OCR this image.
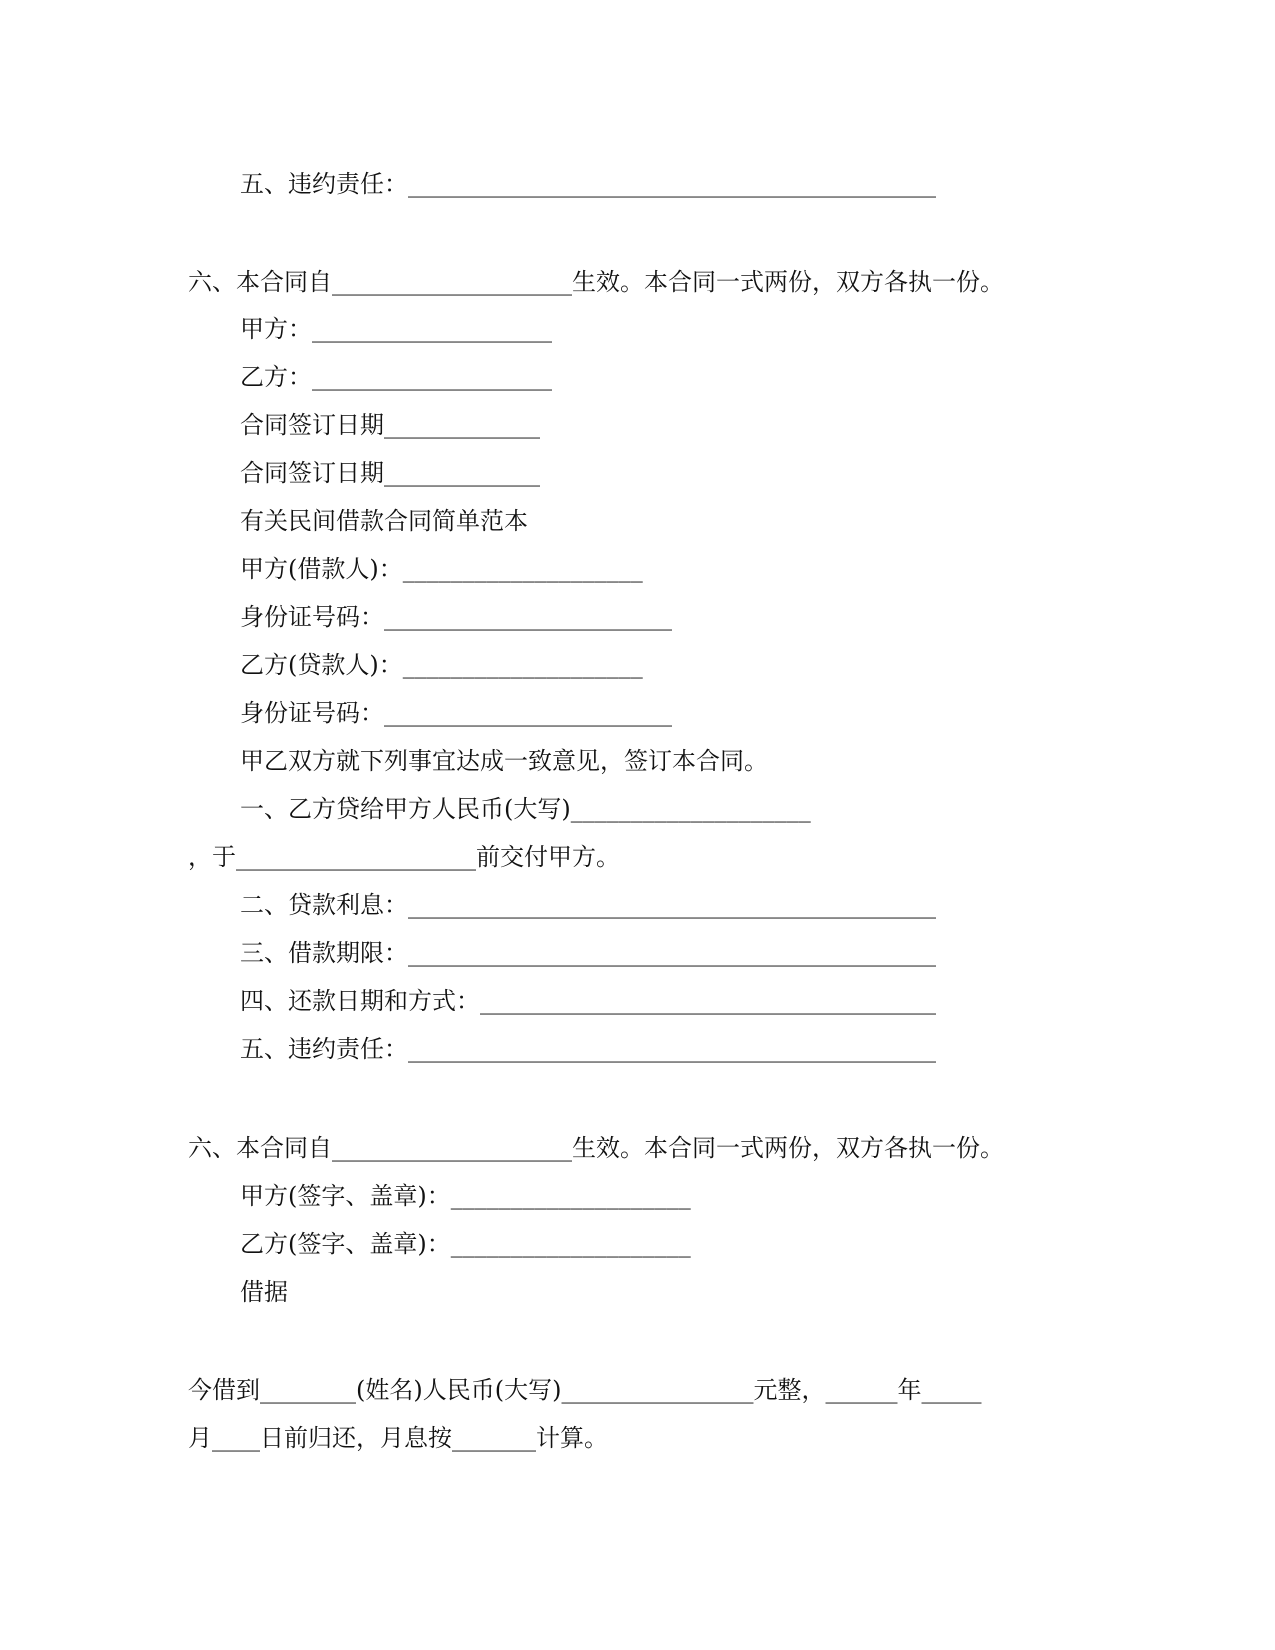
五、违约责任：____________________________________________
六、本合同自____________________生效。本合同一式两份，双方各执一份。
甲方：____________________
乙方：____________________
合同签订日期_____________
合同签订日期_____________
有关民间借款合同简单范本
甲方(借款人)：____________________
身份证号码：________________________
乙方(贷款人)：____________________
身份证号码：________________________
甲乙双方就下列事宜达成一致意见，签订本合同。
一、乙方贷给甲方人民币(大写)____________________
，于____________________前交付甲方。
二、贷款利息：____________________________________________
三、借款期限：____________________________________________
四、还款日期和方式：______________________________________
五、违约责任：____________________________________________
六、本合同自____________________生效。本合同一式两份，双方各执一份。
甲方(签字、盖章)：____________________
乙方(签字、盖章)：____________________
借据
今借到________(姓名)人民币(大写)________________元整，______年_____
月____日前归还，月息按_______计算。
